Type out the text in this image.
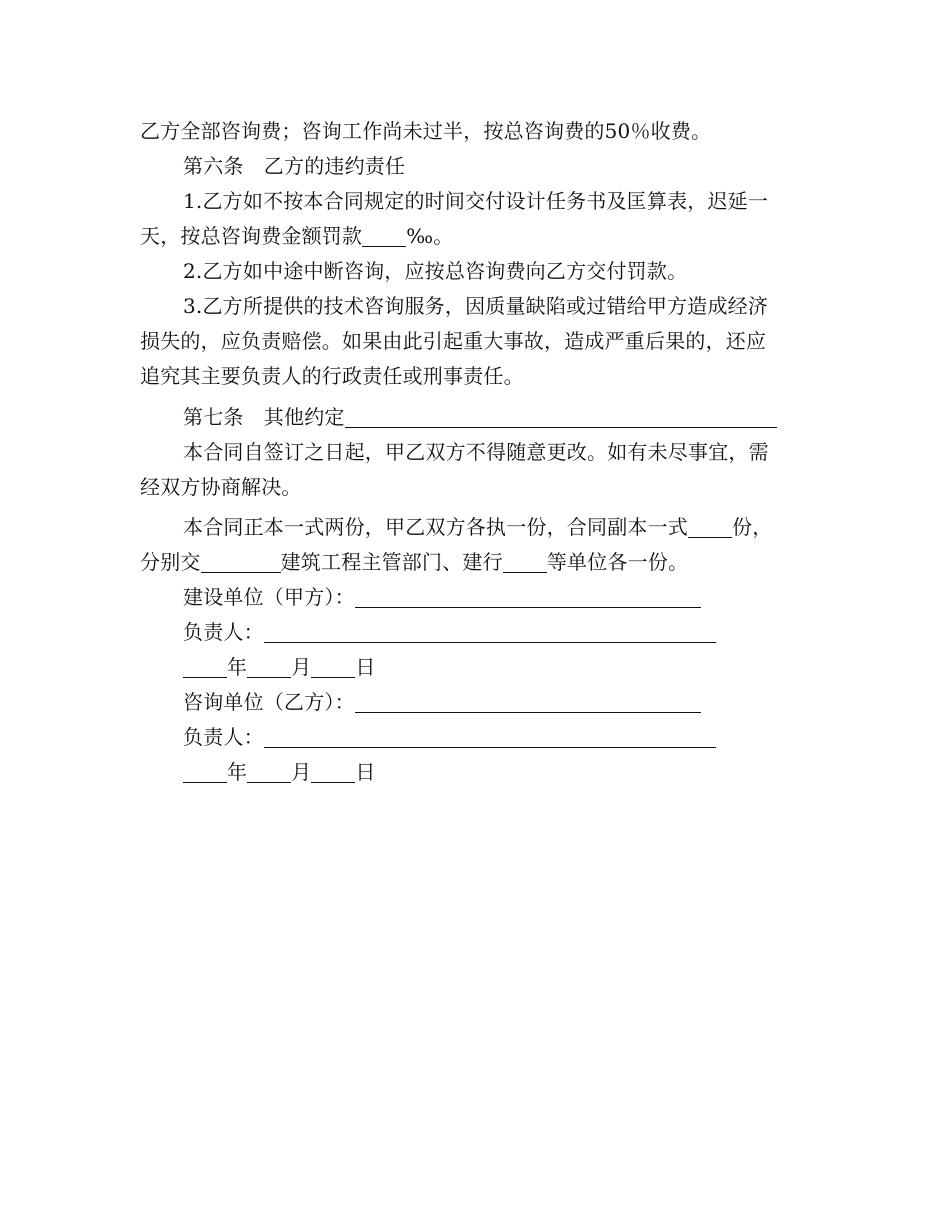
乙方全部咨询费；咨询工作尚未过半，按总咨询费的50％收费。
第六条　乙方的违约责任
1.乙方如不按本合同规定的时间交付设计任务书及匡算表，迟延一
天，按总咨询费金额罚款 ‰。
2.乙方如中途中断咨询，应按总咨询费向乙方交付罚款。
3.乙方所提供的技术咨询服务，因质量缺陷或过错给甲方造成经济
损失的，应负责赔偿。如果由此引起重大事故，造成严重后果的，还应
追究其主要负责人的行政责任或刑事责任。
第七条　其他约定
本合同自签订之日起，甲乙双方不得随意更改。如有未尽事宜，需
经双方协商解决。
本合同正本一式两份，甲乙双方各执一份，合同副本一式 份，
分别交	建筑工程主管部门、建行 等单位各一份。
建设单位（甲方）：
负责人：
年 月 日
咨询单位（乙方）：
负责人：
年 月 日
